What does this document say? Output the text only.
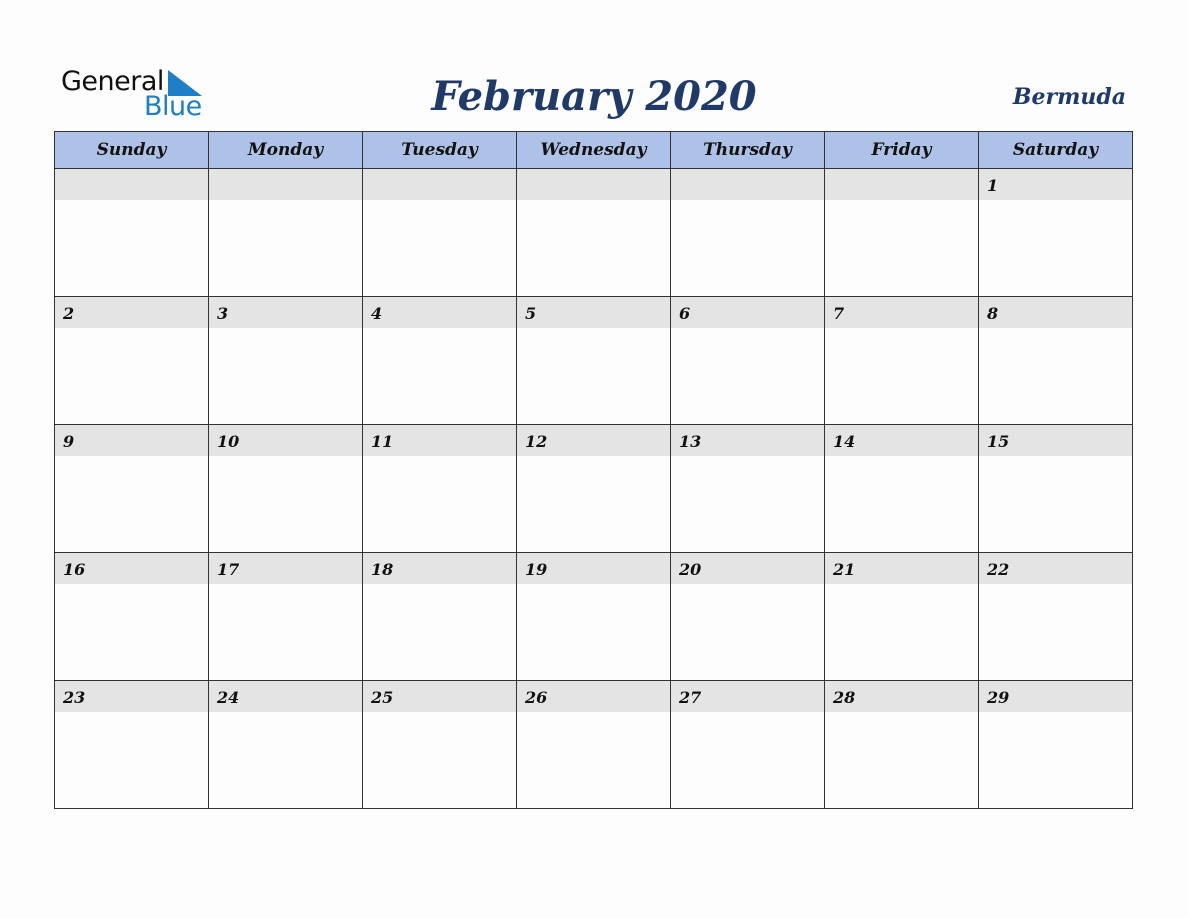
General
Blue	February 2020	Bermuda
Sunday	Monday	Tuesday	Wednesday	Thursday	Friday	Saturday

						1

2	3	4	5	6	7	8

9	10	11	12	13	14	15

16	17	18	19	20	21	22

23	24	25	26	27	28	29
